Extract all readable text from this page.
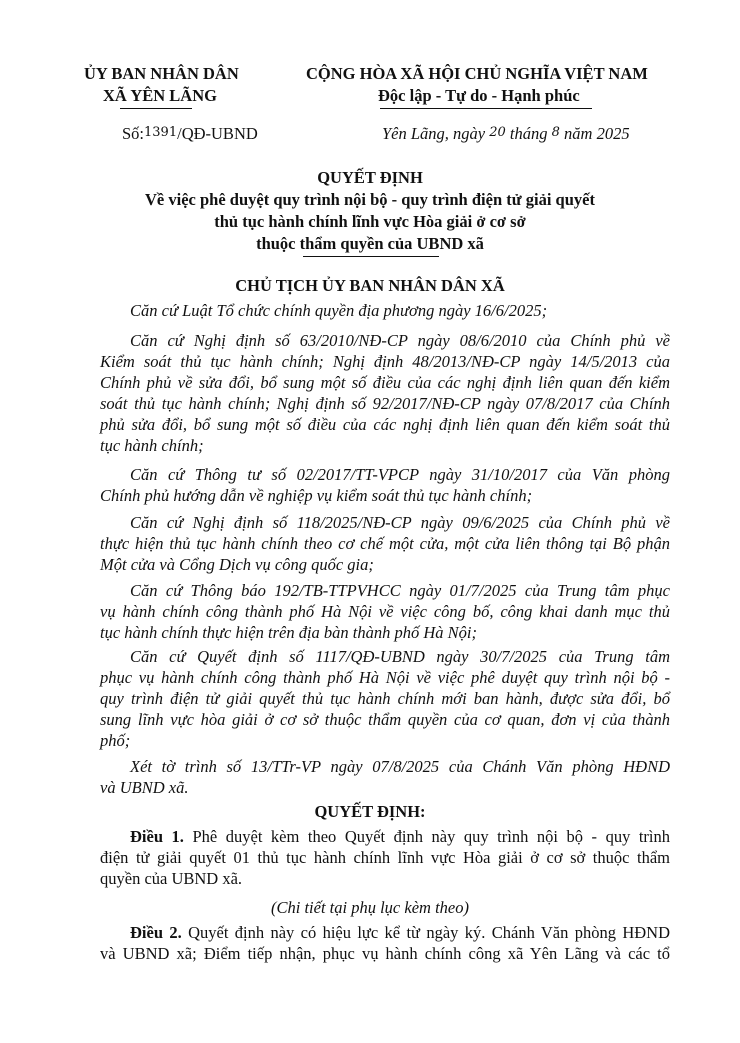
ỦY BAN NHÂN DÂN
XÃ YÊN LÃNG
CỘNG HÒA XÃ HỘI CHỦ NGHĨA VIỆT NAM
Độc lập - Tự do - Hạnh phúc
Số:1391/QĐ-UBND	Yên Lãng, ngày 20 tháng 8 năm 2025
QUYẾT ĐỊNH
Về việc phê duyệt quy trình nội bộ - quy trình điện tử giải quyết
thủ tục hành chính lĩnh vực Hòa giải ở cơ sở
thuộc thẩm quyền của UBND xã
CHỦ TỊCH ỦY BAN NHÂN DÂN XÃ
Căn cứ Luật Tổ chức chính quyền địa phương ngày 16/6/2025;
Căn cứ Nghị định số 63/2010/NĐ-CP ngày 08/6/2010 của Chính phủ về
Kiểm soát thủ tục hành chính; Nghị định 48/2013/NĐ-CP ngày 14/5/2013 của
Chính phủ về sửa đổi, bổ sung một số điều của các nghị định liên quan đến kiểm
soát thủ tục hành chính; Nghị định số 92/2017/NĐ-CP ngày 07/8/2017 của Chính
phủ sửa đổi, bổ sung một số điều của các nghị định liên quan đến kiểm soát thủ
tục hành chính;
Căn cứ Thông tư số 02/2017/TT-VPCP ngày 31/10/2017 của Văn phòng
Chính phủ hướng dẫn về nghiệp vụ kiểm soát thủ tục hành chính;
Căn cứ Nghị định số 118/2025/NĐ-CP ngày 09/6/2025 của Chính phủ về
thực hiện thủ tục hành chính theo cơ chế một cửa, một cửa liên thông tại Bộ phận
Một cửa và Cổng Dịch vụ công quốc gia;
Căn cứ Thông báo 192/TB-TTPVHCC ngày 01/7/2025 của Trung tâm phục
vụ hành chính công thành phố Hà Nội về việc công bố, công khai danh mục thủ
tục hành chính thực hiện trên địa bàn thành phố Hà Nội;
Căn cứ Quyết định số 1117/QĐ-UBND ngày 30/7/2025 của Trung tâm
phục vụ hành chính công thành phố Hà Nội về việc phê duyệt quy trình nội bộ -
quy trình điện tử giải quyết thủ tục hành chính mới ban hành, được sửa đổi, bổ
sung lĩnh vực hòa giải ở cơ sở thuộc thẩm quyền của cơ quan, đơn vị của thành
phố;
Xét tờ trình số 13/TTr-VP ngày 07/8/2025 của Chánh Văn phòng HĐND
và UBND xã.
QUYẾT ĐỊNH:
Điều 1. Phê duyệt kèm theo Quyết định này quy trình nội bộ - quy trình
điện tử giải quyết 01 thủ tục hành chính lĩnh vực Hòa giải ở cơ sở thuộc thẩm
quyền của UBND xã.
(Chi tiết tại phụ lục kèm theo)
Điều 2. Quyết định này có hiệu lực kể từ ngày ký. Chánh Văn phòng HĐND
và UBND xã; Điểm tiếp nhận, phục vụ hành chính công xã Yên Lãng và các tổ
